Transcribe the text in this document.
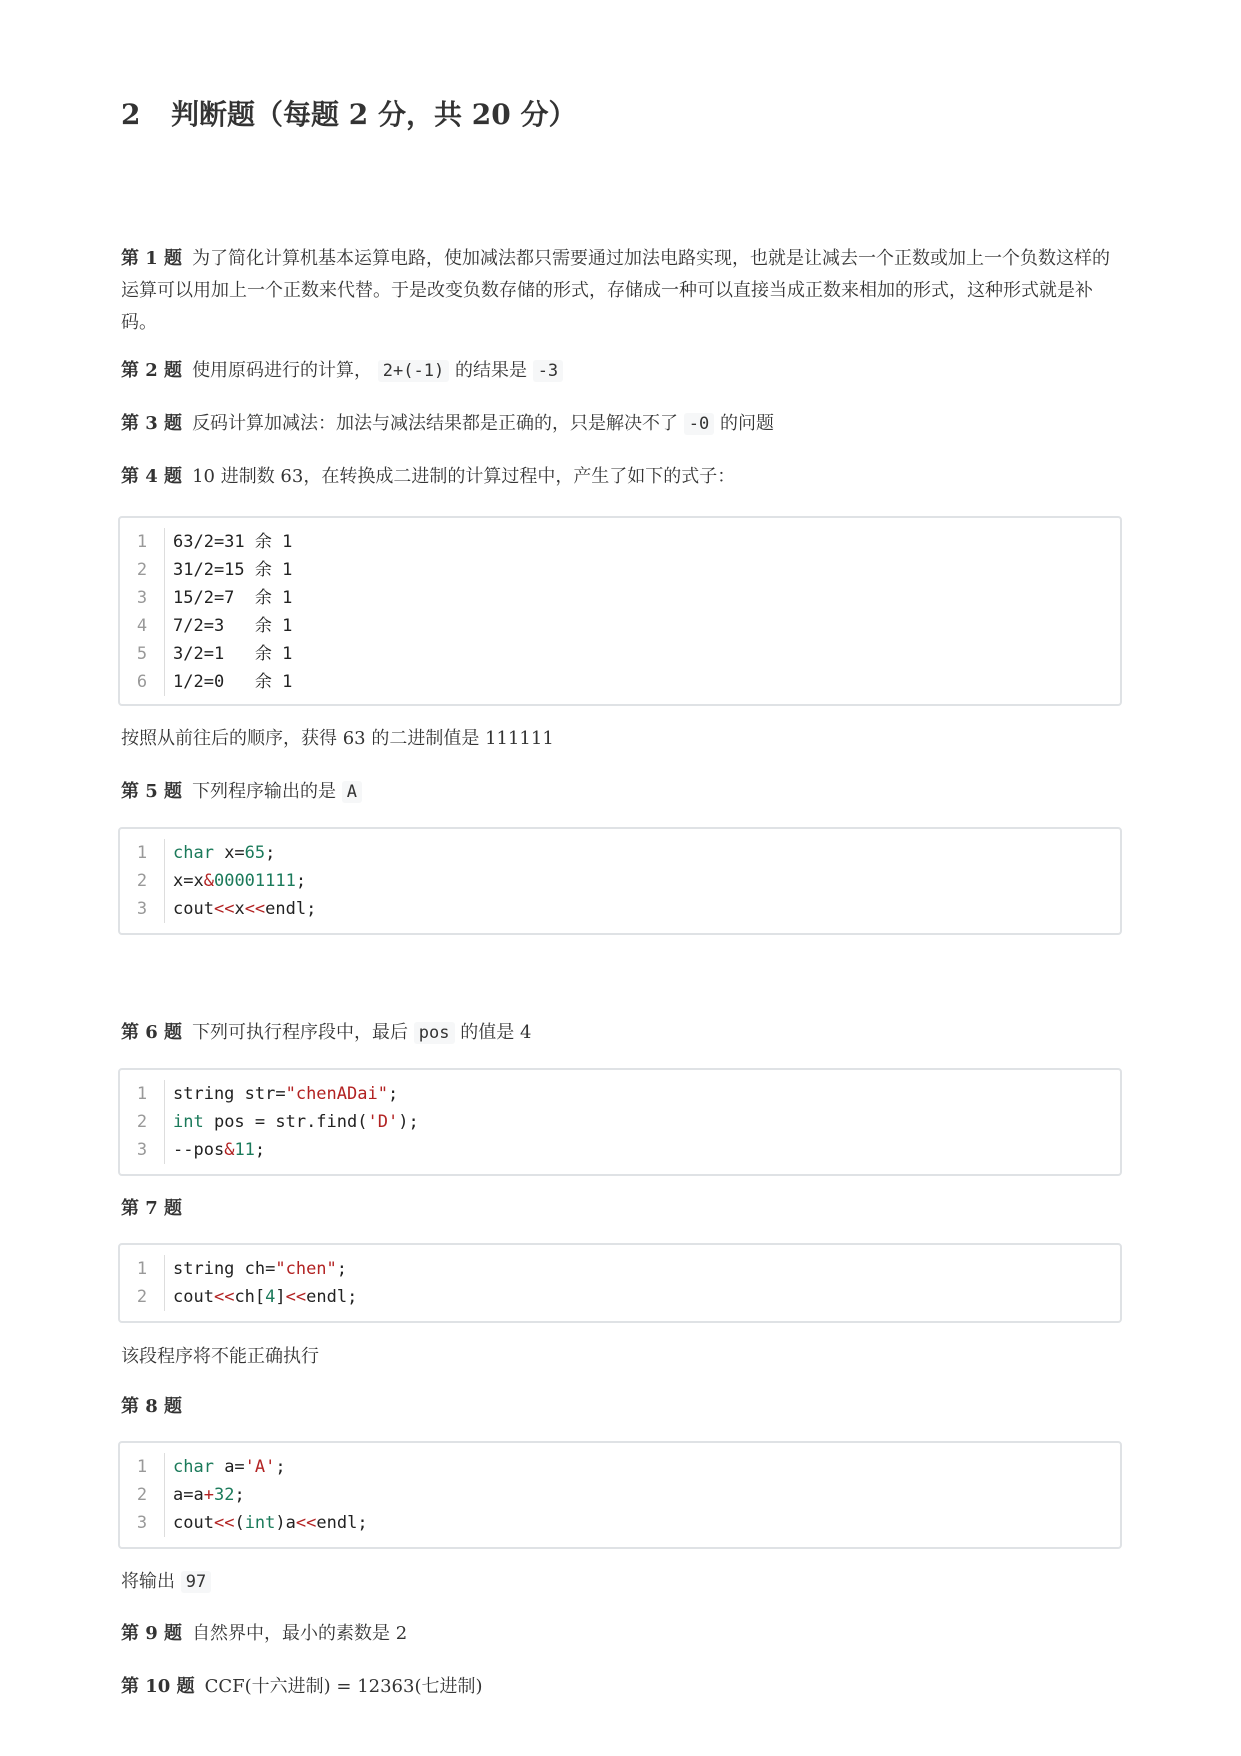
2 判断题（每题 2 分，共 20 分）

第 1 题 为了简化计算机基本运算电路，使加减法都只需要通过加法电路实现，也就是让减去一个正数或加上一个负数这样的运算可以用加上一个正数来代替。于是改变负数存储的形式，存储成一种可以直接当成正数来相加的形式，这种形式就是补码。

第 2 题 使用原码进行的计算， 2+(-1) 的结果是 -3

第 3 题 反码计算加减法：加法与减法结果都是正确的，只是解决不了 -0 的问题

第 4 题 10 进制数 63，在转换成二进制的计算过程中，产生了如下的式子：

1	63/2=31 余 1
2	31/2=15 余 1
3	15/2=7  余 1
4	7/2=3   余 1
5	3/2=1   余 1
6	1/2=0   余 1

按照从前往后的顺序，获得 63 的二进制值是 111111

第 5 题 下列程序输出的是 A

1	char x=65;
2	x=x&00001111;
3	cout<<x<<endl;

第 6 题 下列可执行程序段中，最后 pos 的值是 4

1	string str="chenADai";
2	int pos = str.find('D');
3	--pos&11;

第 7 题

1	string ch="chen";
2	cout<<ch[4]<<endl;

该段程序将不能正确执行

第 8 题

1	char a='A';
2	a=a+32;
3	cout<<(int)a<<endl;

将输出 97

第 9 题 自然界中，最小的素数是 2

第 10 题 CCF(十六进制) = 12363(七进制)
